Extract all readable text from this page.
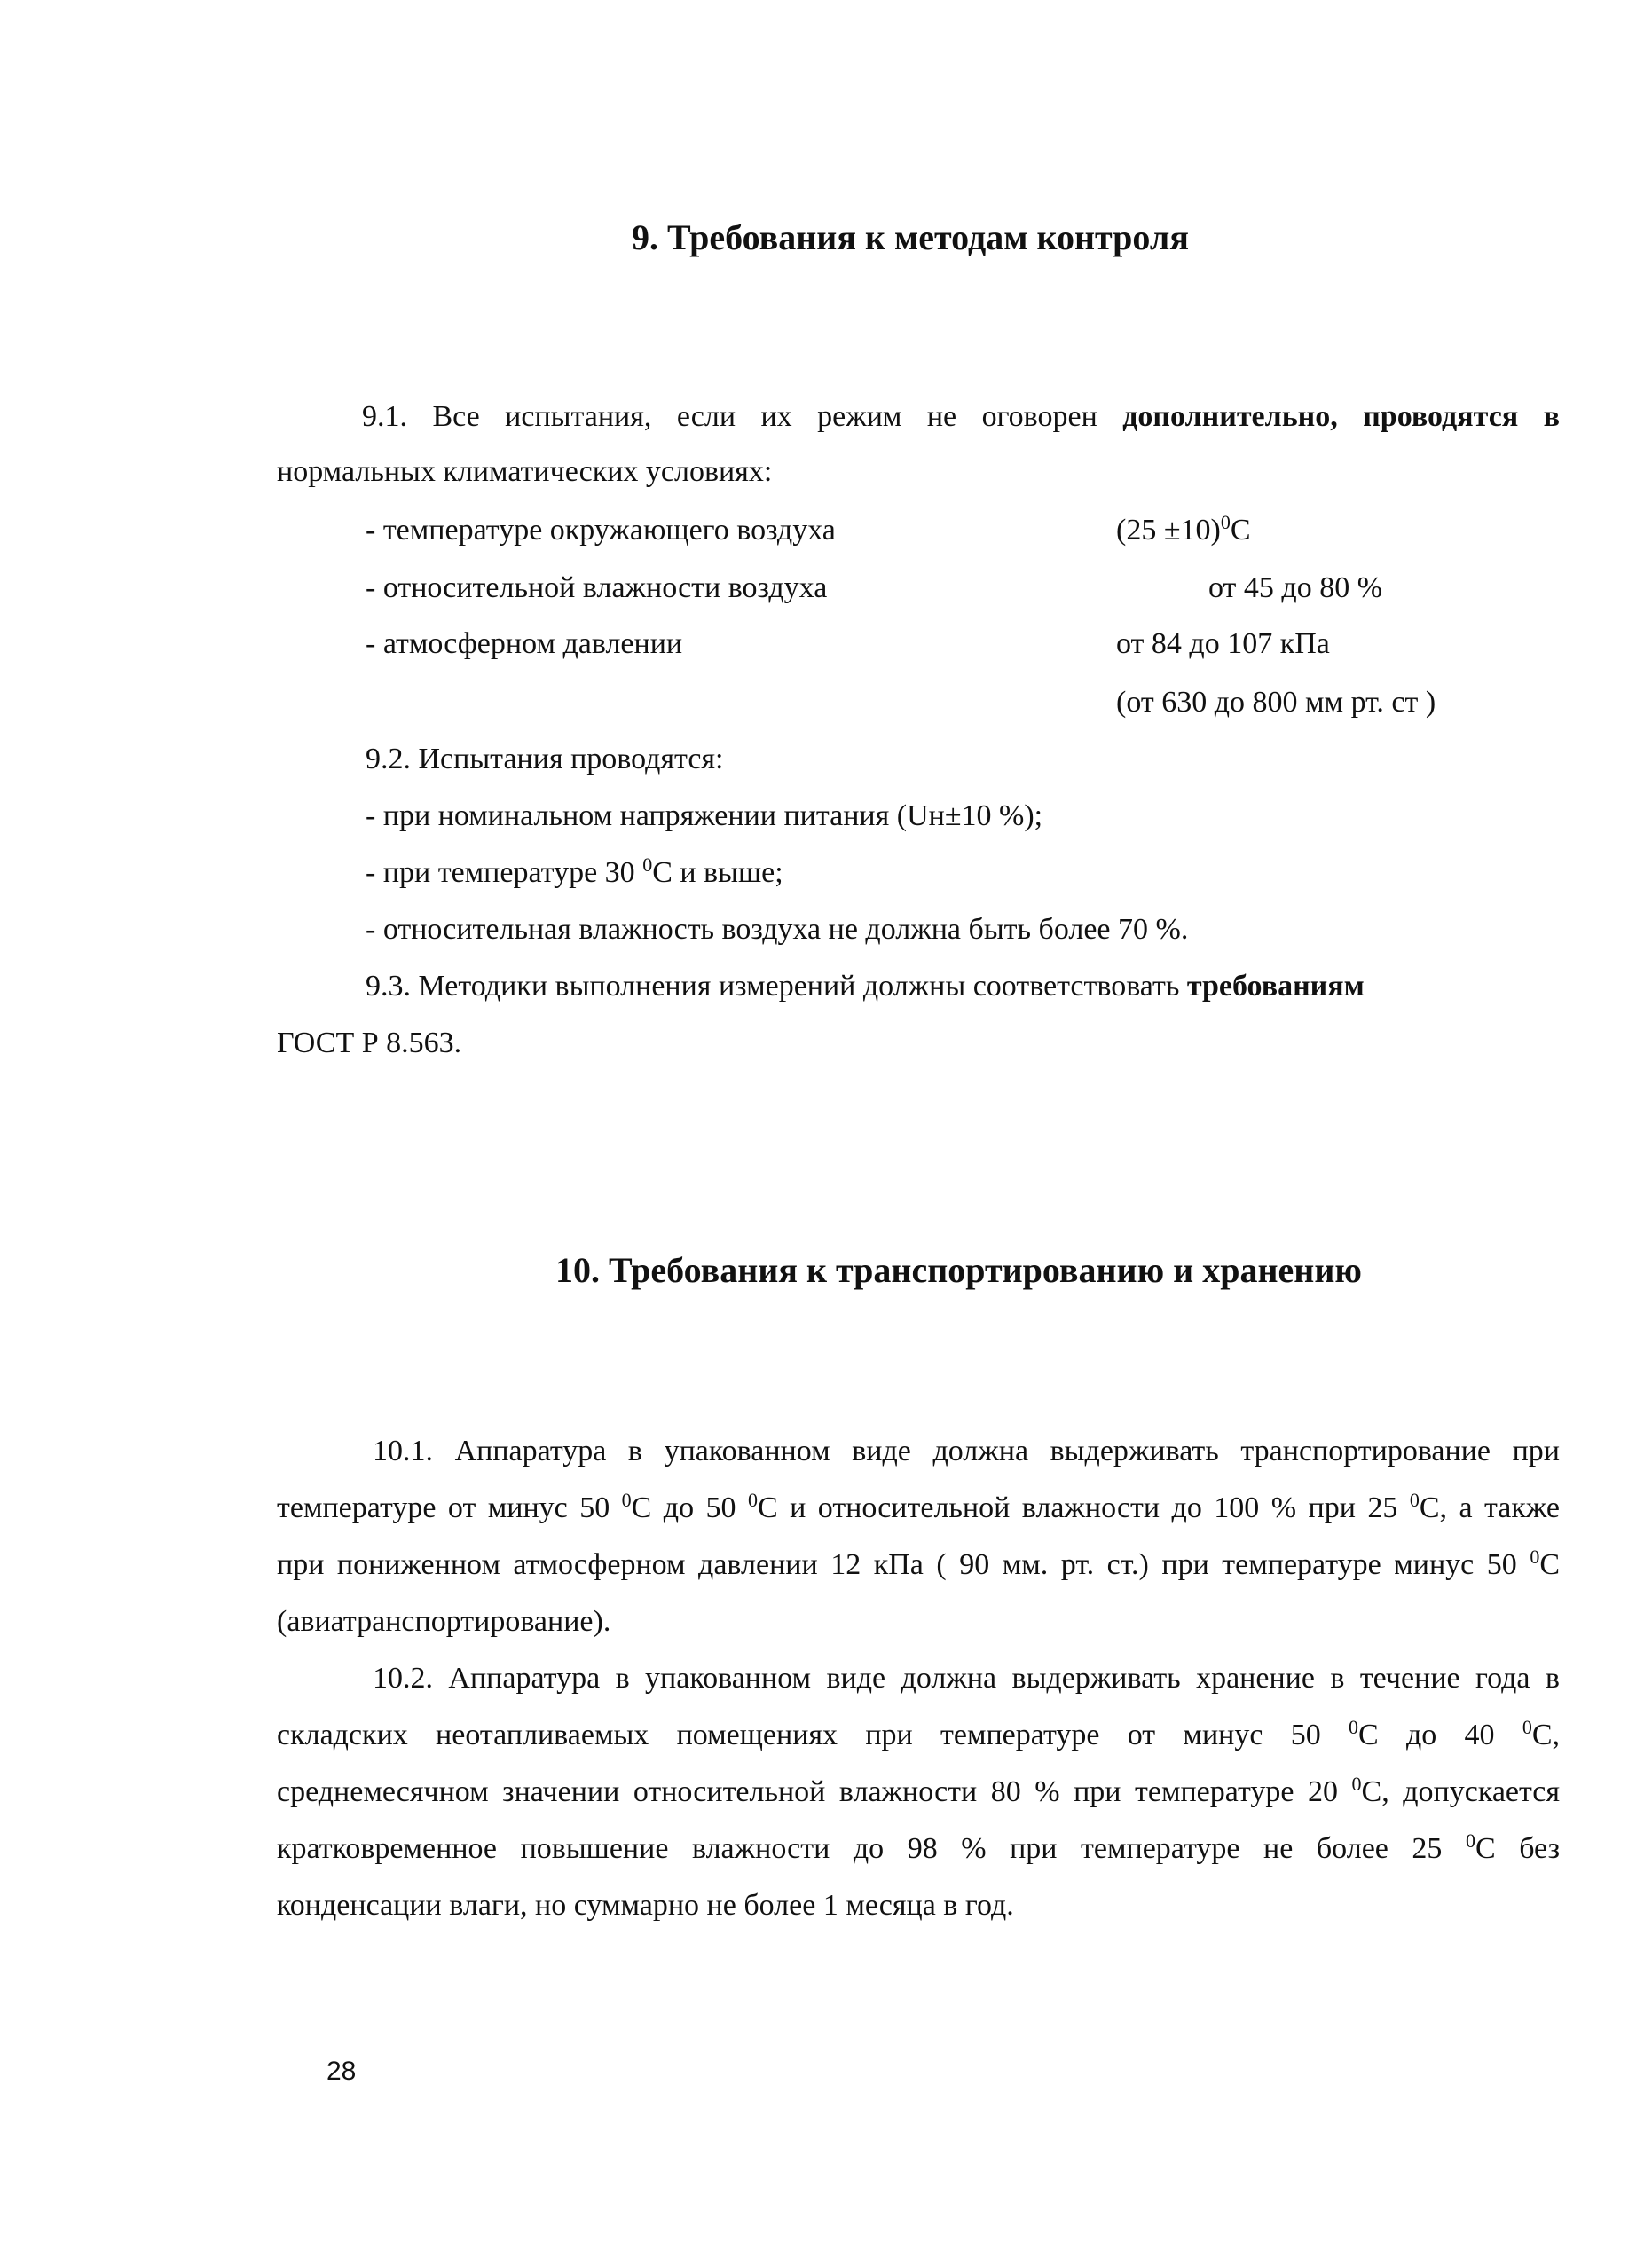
9. Требования к методам контроля
9.1. Все испытания, если их режим не оговорен дополнительно, проводятся в
нормальных климатических условиях:
- температуре окружающего воздуха	$(25 \pm 10)^0C$
- относительной влажности воздуха	от 45 до 80 %
- атмосферном давлении	от 84 до 107 кПа
(от 630 до 800 мм рт. ст )
9.2. Испытания проводятся:
- при номинальном напряжении питания (Uн±10 %);
- при температуре 30 $^0$С и выше;
- относительная влажность воздуха не должна быть более 70 %.
9.3. Методики выполнения измерений должны соответствовать требованиям
ГОСТ Р 8.563.
10. Требования к транспортированию и хранению
10.1. Аппаратура в упакованном виде должна выдерживать транспортирование при
температуре от минус 50 $^0$С до 50 $^0$С и относительной влажности до 100 % при 25 $^0$С, а также
при пониженном атмосферном давлении 12 кПа ( 90 мм. рт. ст.) при температуре минус 50 $^0$С
(авиатранспортирование).
10.2. Аппаратура в упакованном виде должна выдерживать хранение в течение года в
складских неотапливаемых помещениях при температуре от минус 50 $^0$С до 40 $^0$С,
среднемесячном значении относительной влажности 80 % при температуре 20 $^0$С, допускается
кратковременное повышение влажности до 98 % при температуре не более 25 $^0$С без
конденсации влаги, но суммарно не более 1 месяца в год.
28
